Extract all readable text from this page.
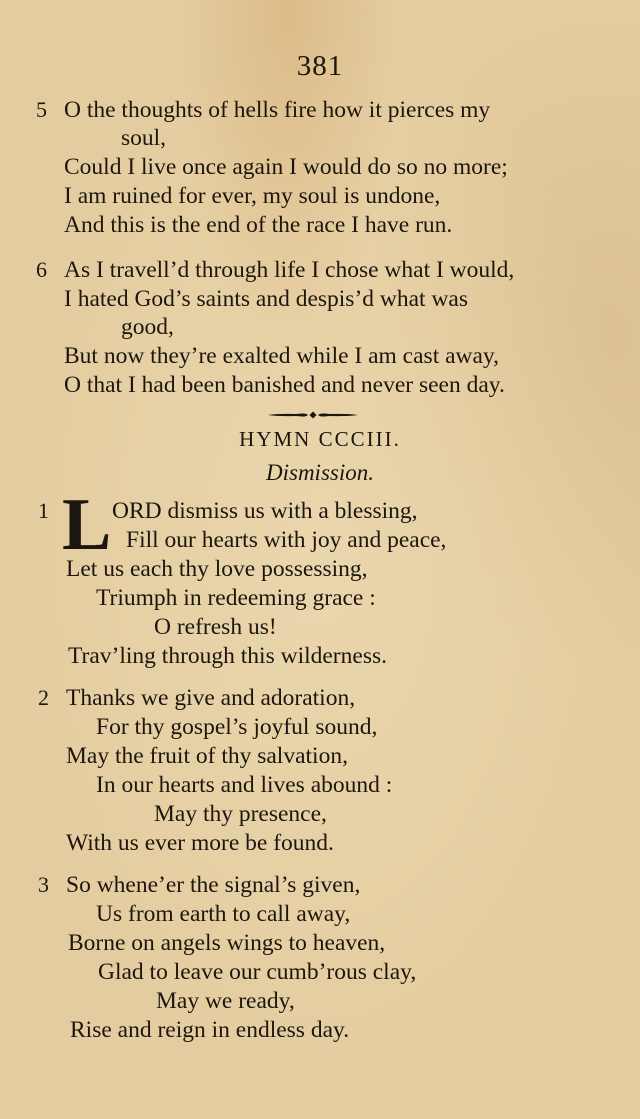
381
5 O the thoughts of hells fire how it pierces my
soul,
Could I live once again I would do so no more;
I am ruined for ever, my soul is undone,
And this is the end of the race I have run.
6 As I travell’d through life I chose what I would,
I hated God’s saints and despis’d what was
good,
But now they’re exalted while I am cast away,
O that I had been banished and never seen day.
HYMN CCCIII.
Dismission.
1 L ORD dismiss us with a blessing,
Fill our hearts with joy and peace,
Let us each thy love possessing,
Triumph in redeeming grace :
O refresh us!
Trav’ling through this wilderness.
2 Thanks we give and adoration,
For thy gospel’s joyful sound,
May the fruit of thy salvation,
In our hearts and lives abound :
May thy presence,
With us ever more be found.
3 So whene’er the signal’s given,
Us from earth to call away,
Borne on angels wings to heaven,
Glad to leave our cumb’rous clay,
May we ready,
Rise and reign in endless day.
